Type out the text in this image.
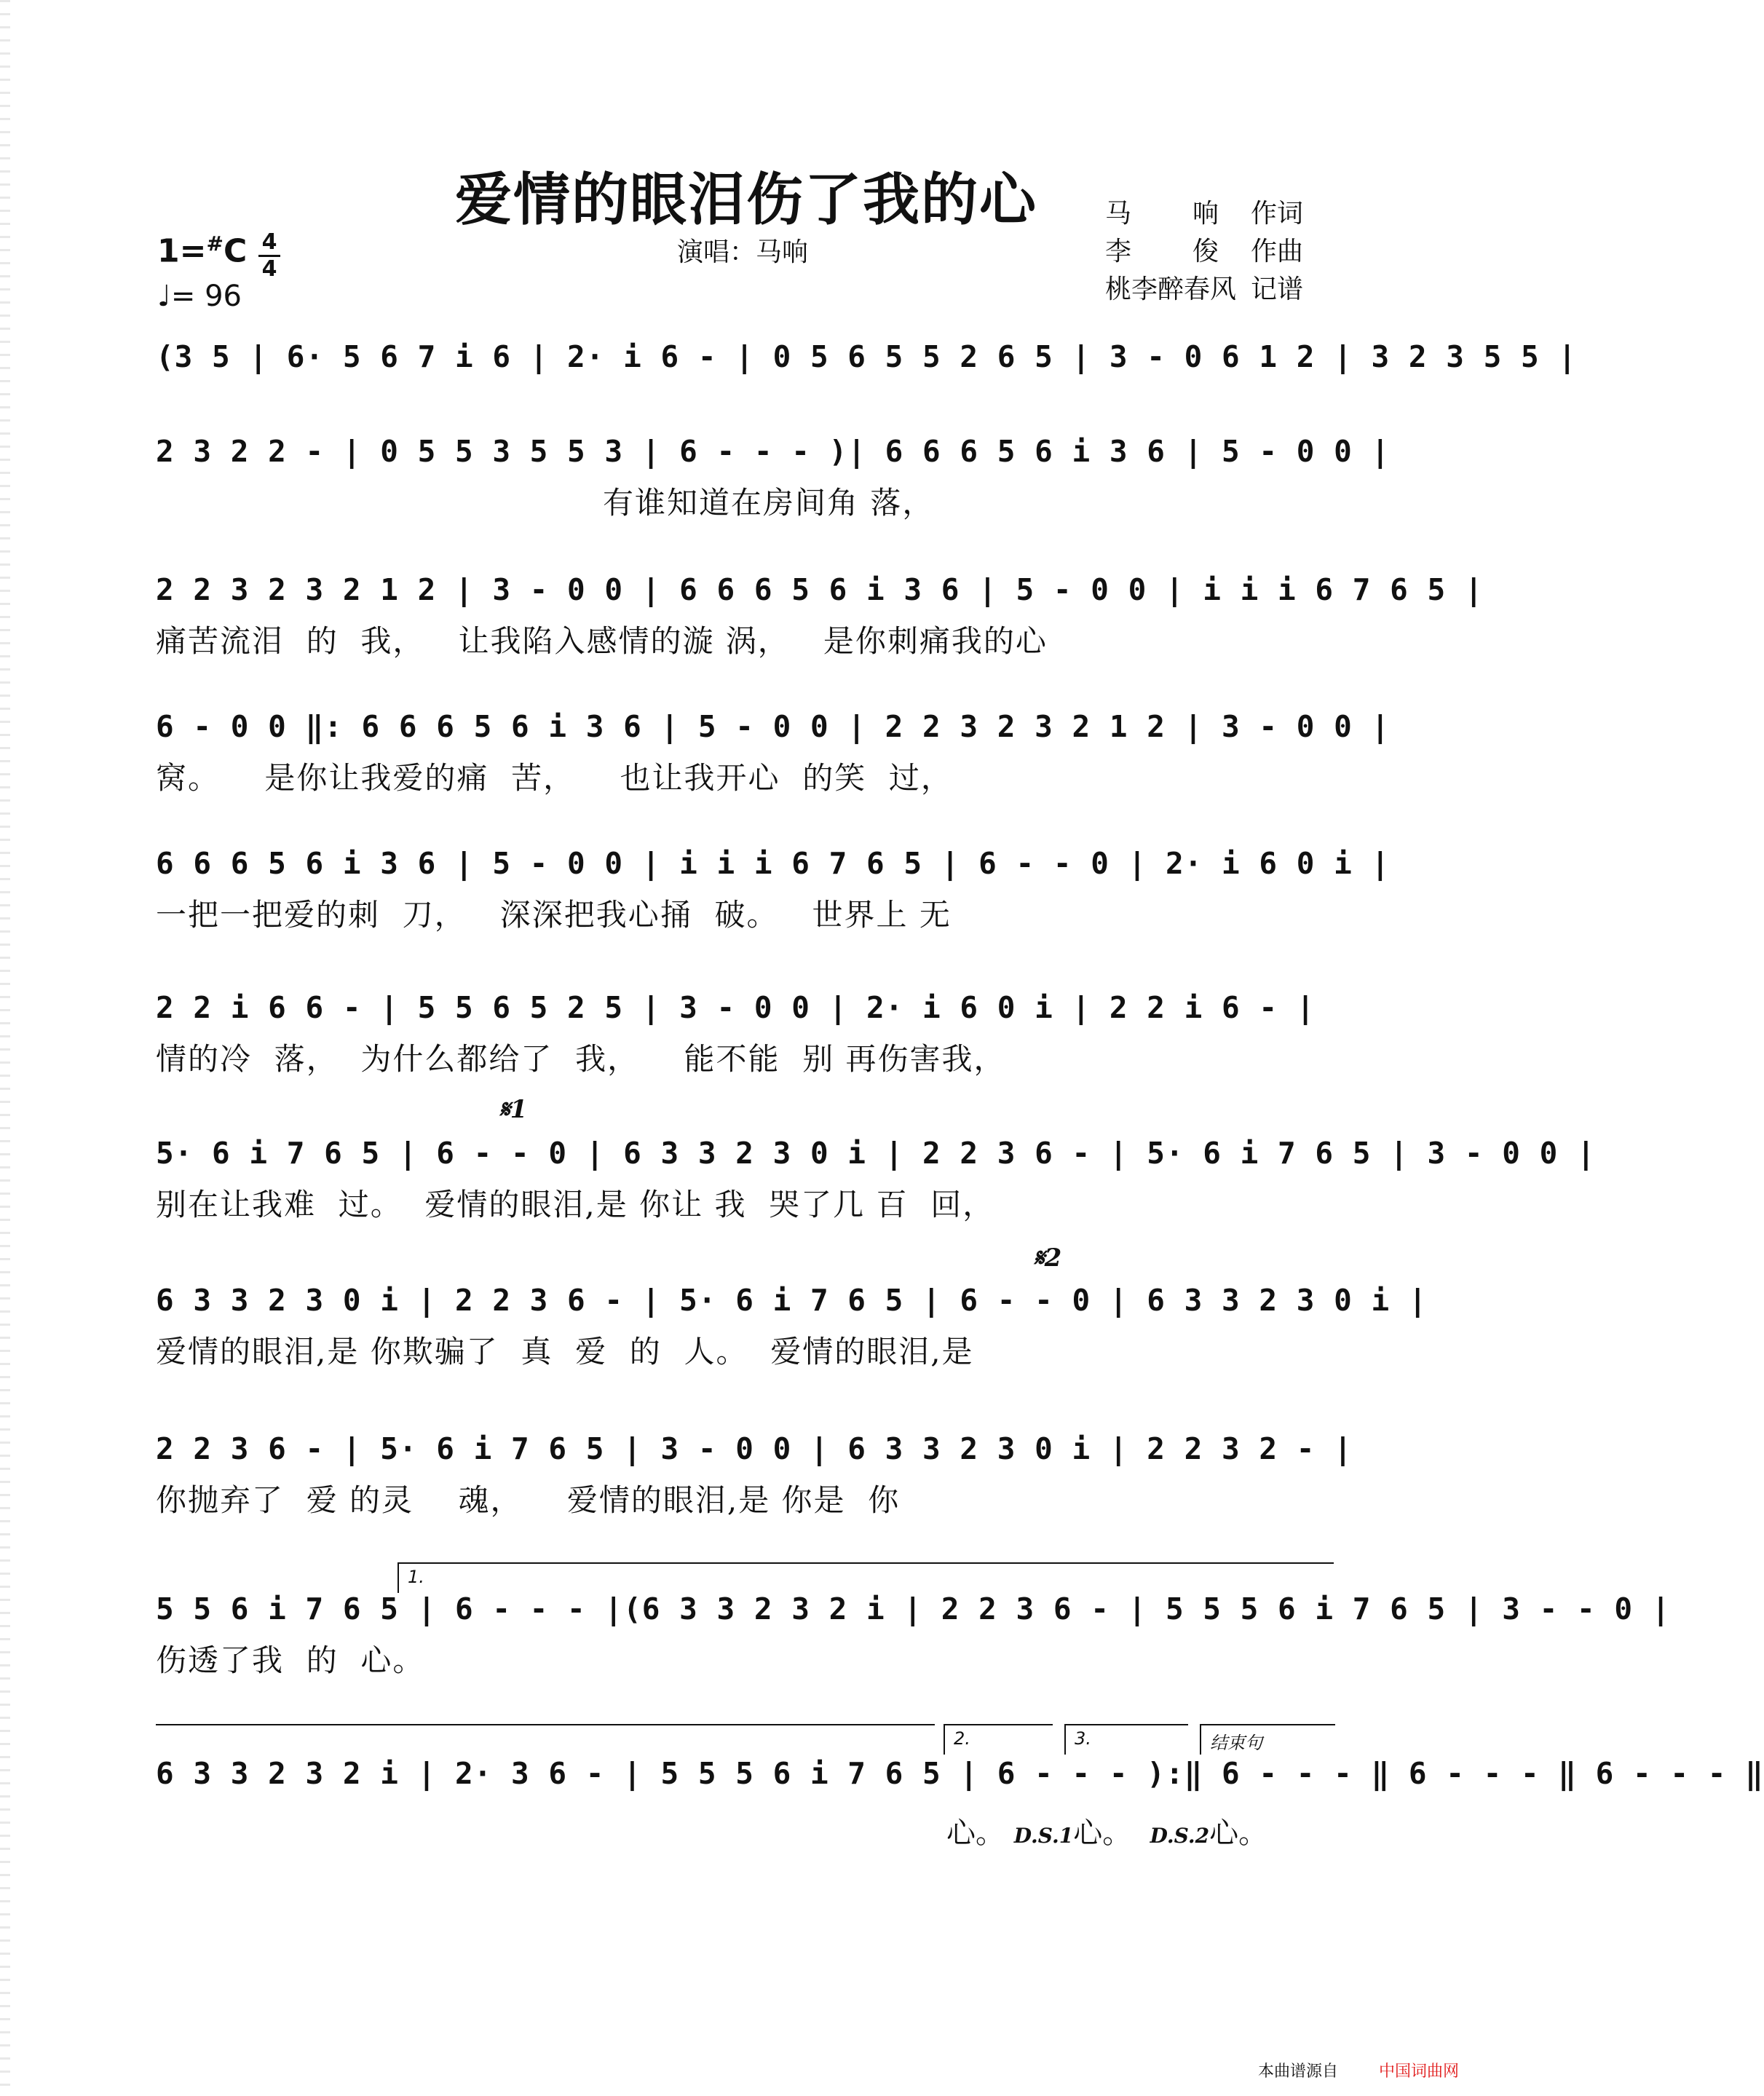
爱情的眼泪伤了我的心
演唱：马响
马　　响	作词
李　　俊	作曲
桃李醉春风 记谱
1=#C 4
4
♩= 96
(3 5 | 6· 5 6 7 i 6 | 2· i 6 - | 0 5 6 5 5 2 6 5 | 3 - 0 6 1 2 | 3 2 3 5 5 |
2 3 2 2 - | 0 5 5 3 5 5 3 | 6 - - - )| 6 6 6 5 6 i 3 6 | 5 - 0 0 |
有谁知道在房间角 落，
2 2 3 2 3 2 1 2 | 3 - 0 0 | 6 6 6 5 6 i 3 6 | 5 - 0 0 | i i i 6 7 6 5 |
痛苦流泪  的  我，   让我陷入感情的漩 涡，   是你刺痛我的心
6 - 0 0 ‖: 6 6 6 5 6 i 3 6 | 5 - 0 0 | 2 2 3 2 3 2 1 2 | 3 - 0 0 |
窝。    是你让我爱的痛  苦，    也让我开心  的笑  过，
6 6 6 5 6 i 3 6 | 5 - 0 0 | i i i 6 7 6 5 | 6 - - 0 | 2· i 6 0 i |
一把一把爱的刺  刀，   深深把我心捅  破。   世界上 无
2 2 i 6 6 - | 5 5 6 5 2 5 | 3 - 0 0 | 2· i 6 0 i | 2 2 i 6 - |
情的冷  落，  为什么都给了  我，    能不能  别 再伤害我，
𝄋1
5· 6 i 7 6 5 | 6 - - 0 | 6 3 3 2 3 0 i | 2 2 3 6 - | 5· 6 i 7 6 5 | 3 - 0 0 |
别在让我难  过。  爱情的眼泪,是 你让 我  哭了几 百  回，
𝄋2
6 3 3 2 3 0 i | 2 2 3 6 - | 5· 6 i 7 6 5 | 6 - - 0 | 6 3 3 2 3 0 i |
爱情的眼泪,是 你欺骗了  真  爱  的  人。  爱情的眼泪,是
2 2 3 6 - | 5· 6 i 7 6 5 | 3 - 0 0 | 6 3 3 2 3 0 i | 2 2 3 2 - |
你抛弃了  爱 的灵    魂，    爱情的眼泪,是 你是  你
1.
5 5 6 i 7 6 5 | 6 - - - |(6 3 3 2 3 2 i | 2 2 3 6 - | 5 5 5 6 i 7 6 5 | 3 - - 0 |
伤透了我  的  心。
2.	3.	结束句
6 3 3 2 3 2 i | 2· 3 6 - | 5 5 5 6 i 7 6 5 | 6 - - - ):‖ 6 - - - ‖ 6 - - - ‖ 6 - - - ‖
心。 D.S.1心。 D.S.2心。
本曲谱源自	中国词曲网
